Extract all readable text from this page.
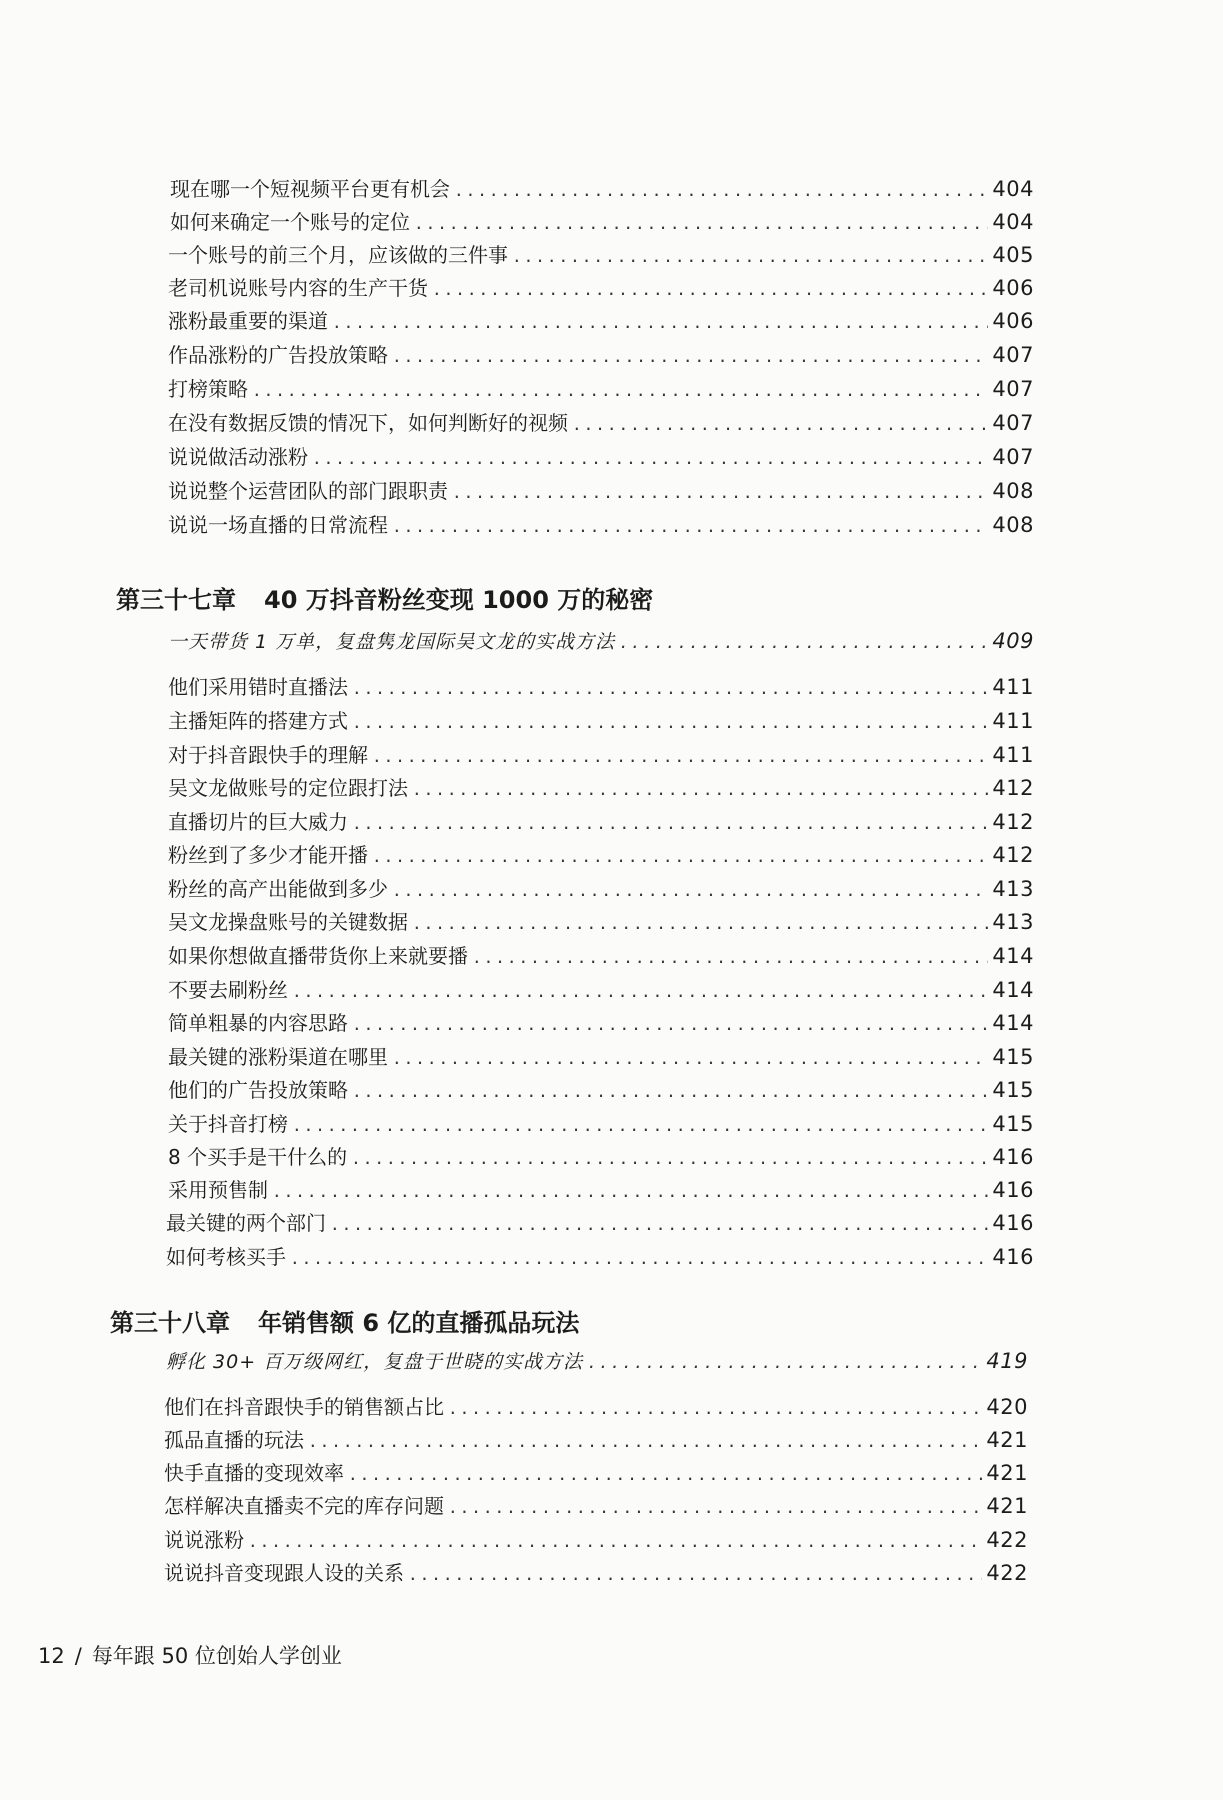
现在哪一个短视频平台更有机会 .....	404
如何来确定一个账号的定位 .....	404
一个账号的前三个月，应该做的三件事 .....	405
老司机说账号内容的生产干货 .....	406
涨粉最重要的渠道 .....	406
作品涨粉的广告投放策略 .....	407
打榜策略 .....	407
在没有数据反馈的情况下，如何判断好的视频 .....	407
说说做活动涨粉 .....	407
说说整个运营团队的部门跟职责 .....	408
说说一场直播的日常流程 .....	408
第三十七章 40 万抖音粉丝变现 1000 万的秘密
一天带货 1 万单，复盘隽龙国际吴文龙的实战方法 .....	409
他们采用错时直播法 .....	411
主播矩阵的搭建方式 .....	411
对于抖音跟快手的理解 .....	411
吴文龙做账号的定位跟打法 .....	412
直播切片的巨大威力 .....	412
粉丝到了多少才能开播 .....	412
粉丝的高产出能做到多少 .....	413
吴文龙操盘账号的关键数据 .....	413
如果你想做直播带货你上来就要播 .....	414
不要去刷粉丝 .....	414
简单粗暴的内容思路 .....	414
最关键的涨粉渠道在哪里 .....	415
他们的广告投放策略 .....	415
关于抖音打榜 .....	415
8 个买手是干什么的 .....	416
采用预售制 .....	416
最关键的两个部门 .....	416
如何考核买手 .....	416
第三十八章 年销售额 6 亿的直播孤品玩法
孵化 30+ 百万级网红，复盘于世晓的实战方法 .....	419
他们在抖音跟快手的销售额占比 .....	420
孤品直播的玩法 .....	421
快手直播的变现效率 .....	421
怎样解决直播卖不完的库存问题 .....	421
说说涨粉 .....	422
说说抖音变现跟人设的关系 .....	422
12 / 每年跟 50 位创始人学创业
